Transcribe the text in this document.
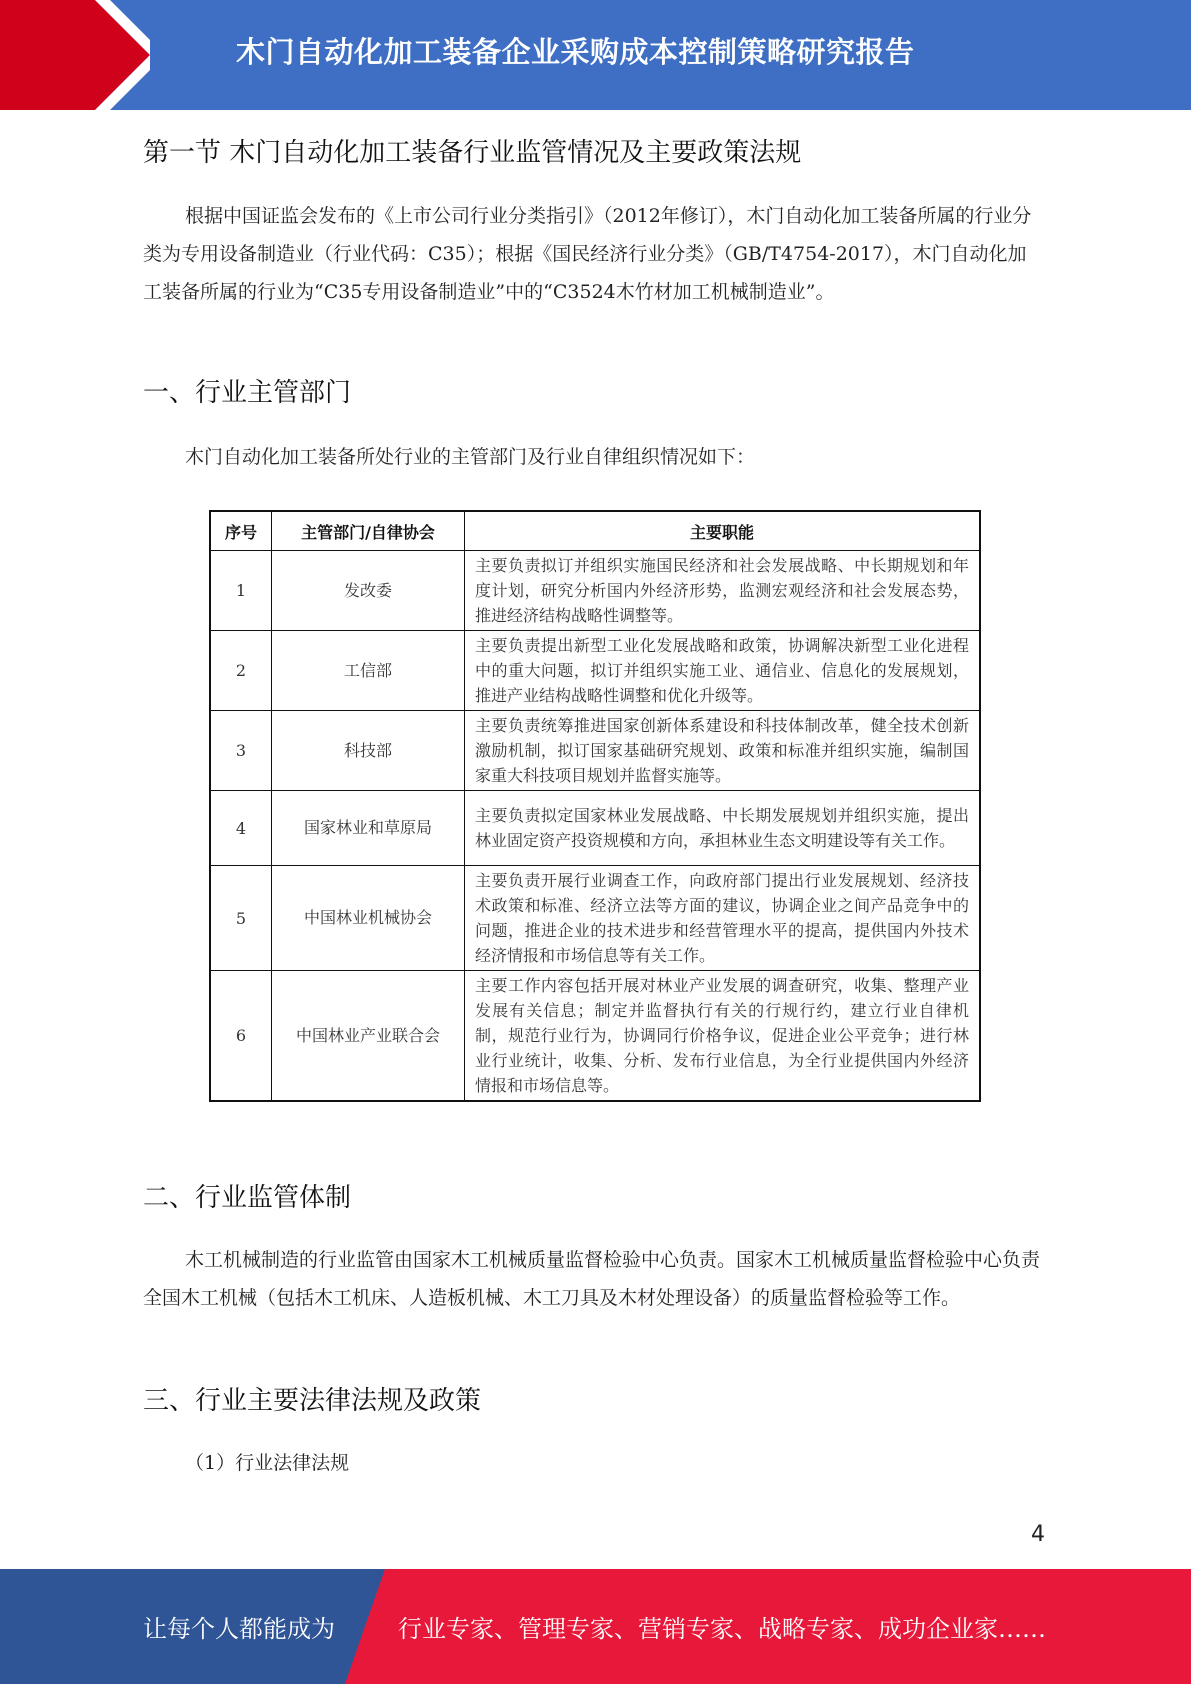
木门自动化加工装备企业采购成本控制策略研究报告
第一节 木门自动化加工装备行业监管情况及主要政策法规

根据中国证监会发布的《上市公司行业分类指引》（2012年修订），木门自动化加工装备所属的行业分类为专用设备制造业（行业代码：C35）；根据《国民经济行业分类》（GB/T4754-2017），木门自动化加工装备所属的行业为“C35专用设备制造业”中的“C3524木竹材加工机械制造业”。

一、行业主管部门

木门自动化加工装备所处行业的主管部门及行业自律组织情况如下：

序号	主管部门/自律协会	主要职能
1	发改委	主要负责拟订并组织实施国民经济和社会发展战略、中长期规划和年度计划，研究分析国内外经济形势，监测宏观经济和社会发展态势，推进经济结构战略性调整等。
2	工信部	主要负责提出新型工业化发展战略和政策，协调解决新型工业化进程中的重大问题，拟订并组织实施工业、通信业、信息化的发展规划，推进产业结构战略性调整和优化升级等。
3	科技部	主要负责统筹推进国家创新体系建设和科技体制改革，健全技术创新激励机制，拟订国家基础研究规划、政策和标准并组织实施，编制国家重大科技项目规划并监督实施等。
4	国家林业和草原局	主要负责拟定国家林业发展战略、中长期发展规划并组织实施，提出林业固定资产投资规模和方向，承担林业生态文明建设等有关工作。
5	中国林业机械协会	主要负责开展行业调查工作，向政府部门提出行业发展规划、经济技术政策和标准、经济立法等方面的建议，协调企业之间产品竞争中的问题，推进企业的技术进步和经营管理水平的提高，提供国内外技术经济情报和市场信息等有关工作。
6	中国林业产业联合会	主要工作内容包括开展对林业产业发展的调查研究，收集、整理产业发展有关信息；制定并监督执行有关的行规行约，建立行业自律机制，规范行业行为，协调同行价格争议，促进企业公平竞争；进行林业行业统计，收集、分析、发布行业信息，为全行业提供国内外经济情报和市场信息等。
二、行业监管体制

木工机械制造的行业监管由国家木工机械质量监督检验中心负责。国家木工机械质量监督检验中心负责全国木工机械（包括木工机床、人造板机械、木工刀具及木材处理设备）的质量监督检验等工作。

三、行业主要法律法规及政策

（1）行业法律法规

4
让每个人都能成为	行业专家、管理专家、营销专家、战略专家、成功企业家……
